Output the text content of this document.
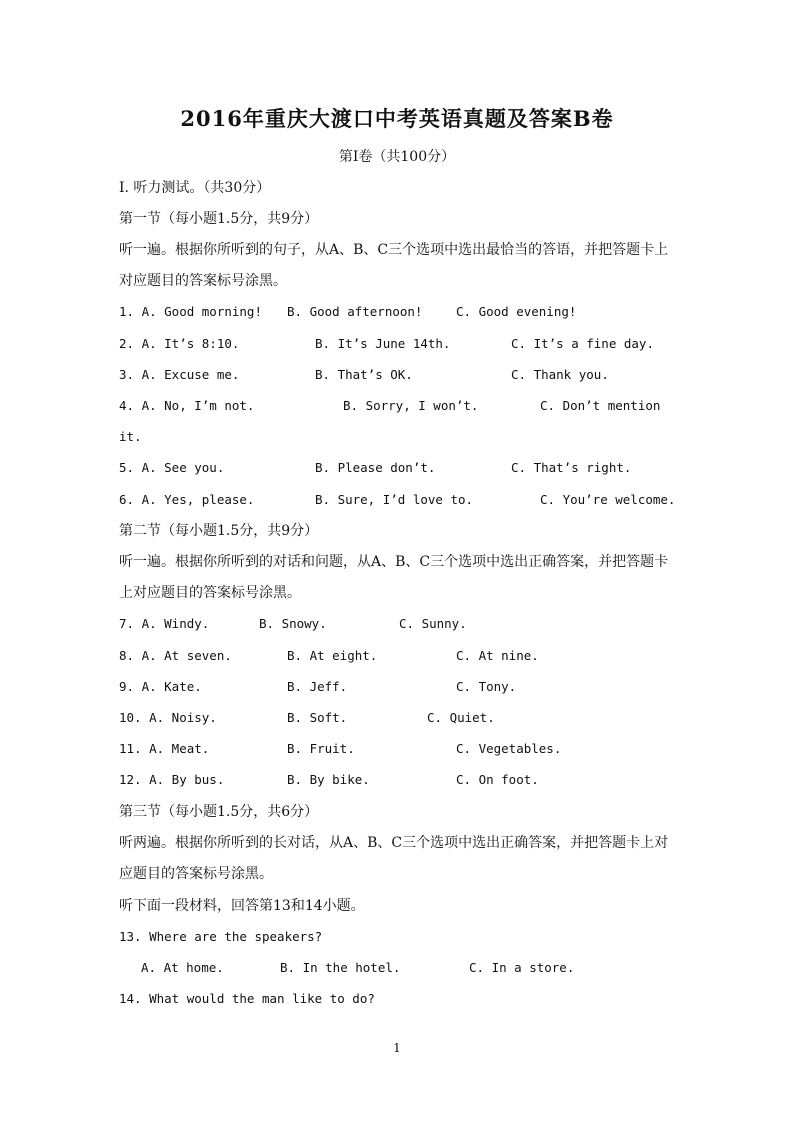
2016年重庆大渡口中考英语真题及答案B卷
第Ⅰ卷（共100分）
I. 听力测试。（共30分）
第一节（每小题1.5分，共9分）
听一遍。根据你所听到的句子，从A、B、C三个选项中选出最恰当的答语，并把答题卡上
对应题目的答案标号涂黑。
1. A. Good morning! B. Good afternoon!	C. Good evening!
2. A. It’s 8:10.	B. It’s June 14th.	C. It’s a fine day.
3. A. Excuse me.	B. That’s OK.	C. Thank you.
4. A. No, I’m not.	B. Sorry, I won’t.	C. Don’t mention
it.
5. A. See you.	B. Please don’t.	C. That’s right.
6. A. Yes, please.	B. Sure, I’d love to.	C. You’re welcome.
第二节（每小题1.5分，共9分）
听一遍。根据你所听到的对话和问题，从A、B、C三个选项中选出正确答案，并把答题卡
上对应题目的答案标号涂黑。
7. A. Windy.	B. Snowy.	C. Sunny.
8. A. At seven.	B. At eight.	C. At nine.
9. A. Kate.	B. Jeff.	C. Tony.
10. A. Noisy.	B. Soft.	C. Quiet.
11. A. Meat.	B. Fruit.	C. Vegetables.
12. A. By bus.	B. By bike.	C. On foot.
第三节（每小题1.5分，共6分）
听两遍。根据你所听到的长对话，从A、B、C三个选项中选出正确答案，并把答题卡上对
应题目的答案标号涂黑。
听下面一段材料，回答第13和14小题。
13. Where are the speakers?
A. At home.	B. In the hotel.	C. In a store.
14. What would the man like to do?
1
